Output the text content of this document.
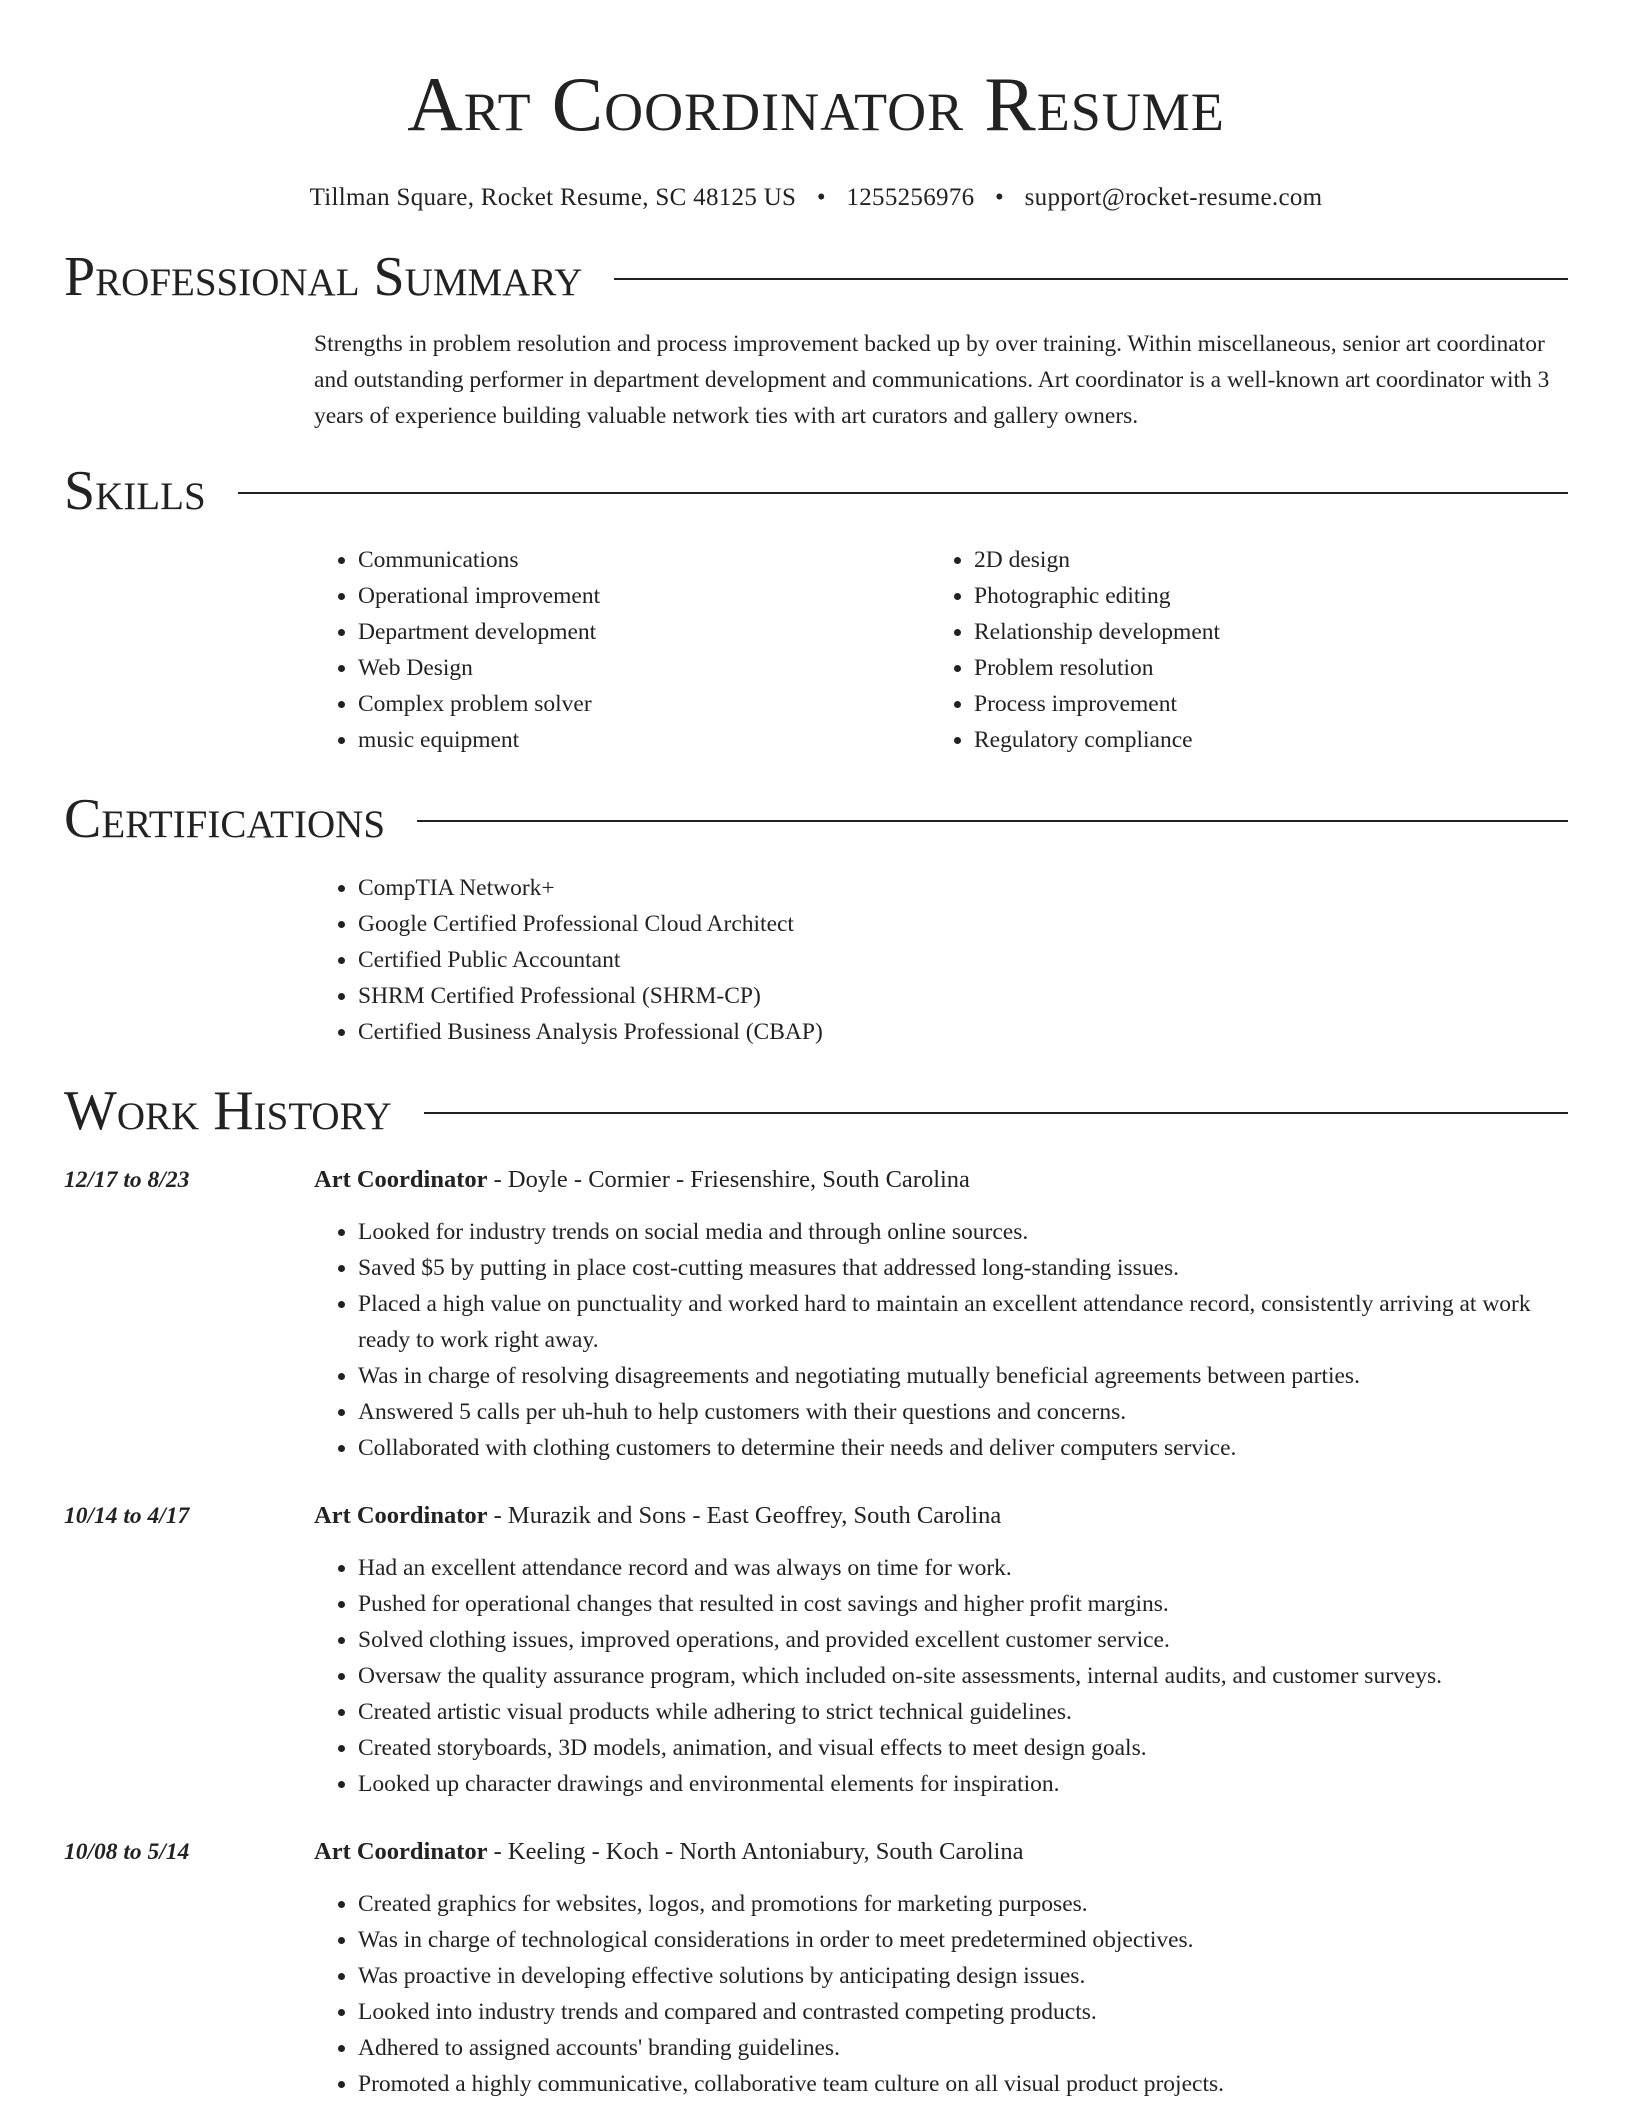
Art Coordinator Resume
Tillman Square, Rocket Resume, SC 48125 US • 1255256976 • support@rocket-resume.com
Professional Summary
Strengths in problem resolution and process improvement backed up by over training. Within miscellaneous, senior art coordinator and outstanding performer in department development and communications. Art coordinator is a well-known art coordinator with 3 years of experience building valuable network ties with art curators and gallery owners.
Skills
• Communications
• Operational improvement
• Department development
• Web Design
• Complex problem solver
• music equipment
• 2D design
• Photographic editing
• Relationship development
• Problem resolution
• Process improvement
• Regulatory compliance
Certifications
• CompTIA Network+
• Google Certified Professional Cloud Architect
• Certified Public Accountant
• SHRM Certified Professional (SHRM-CP)
• Certified Business Analysis Professional (CBAP)
Work History
12/17 to 8/23	Art Coordinator - Doyle - Cormier - Friesenshire, South Carolina
• Looked for industry trends on social media and through online sources.
• Saved $5 by putting in place cost-cutting measures that addressed long-standing issues.
• Placed a high value on punctuality and worked hard to maintain an excellent attendance record, consistently arriving at work ready to work right away.
• Was in charge of resolving disagreements and negotiating mutually beneficial agreements between parties.
• Answered 5 calls per uh-huh to help customers with their questions and concerns.
• Collaborated with clothing customers to determine their needs and deliver computers service.
10/14 to 4/17	Art Coordinator - Murazik and Sons - East Geoffrey, South Carolina
• Had an excellent attendance record and was always on time for work.
• Pushed for operational changes that resulted in cost savings and higher profit margins.
• Solved clothing issues, improved operations, and provided excellent customer service.
• Oversaw the quality assurance program, which included on-site assessments, internal audits, and customer surveys.
• Created artistic visual products while adhering to strict technical guidelines.
• Created storyboards, 3D models, animation, and visual effects to meet design goals.
• Looked up character drawings and environmental elements for inspiration.
10/08 to 5/14	Art Coordinator - Keeling - Koch - North Antoniabury, South Carolina
• Created graphics for websites, logos, and promotions for marketing purposes.
• Was in charge of technological considerations in order to meet predetermined objectives.
• Was proactive in developing effective solutions by anticipating design issues.
• Looked into industry trends and compared and contrasted competing products.
• Adhered to assigned accounts' branding guidelines.
• Promoted a highly communicative, collaborative team culture on all visual product projects.
